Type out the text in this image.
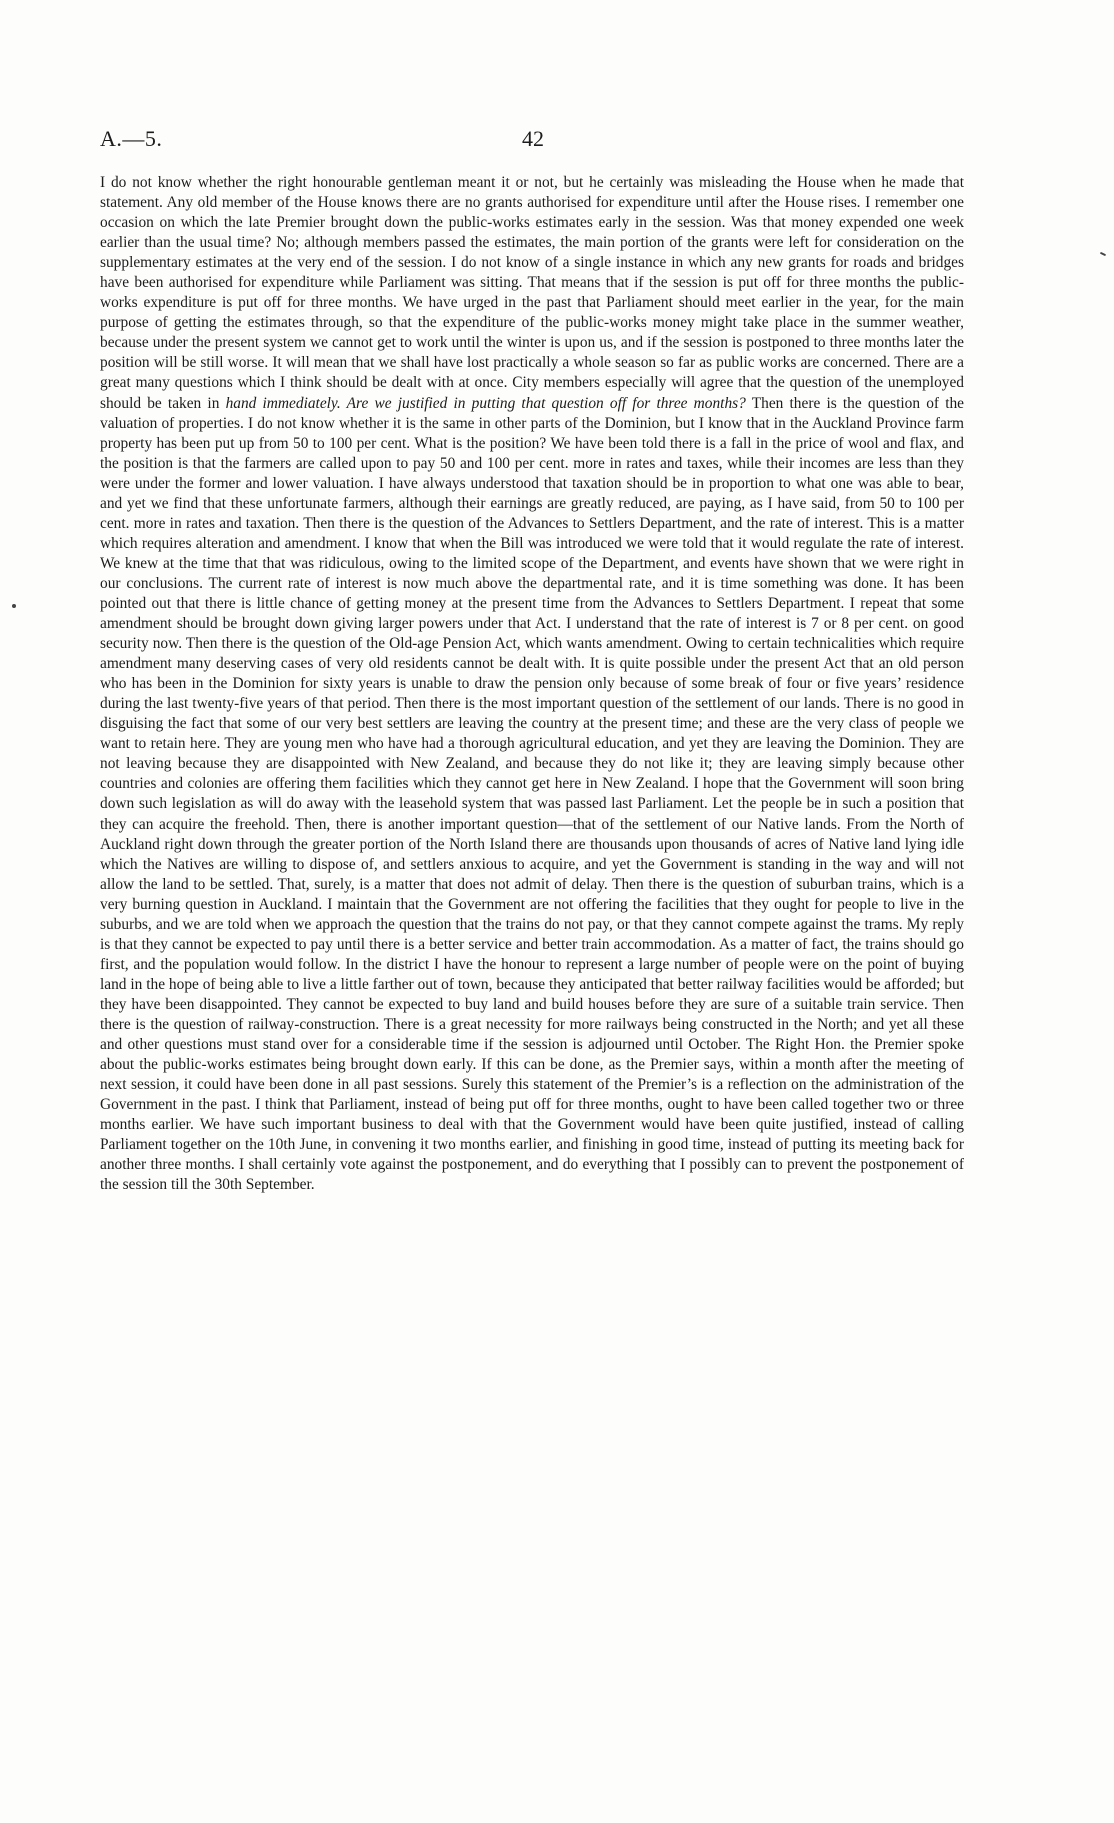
A.—5.	42

I do not know whether the right honourable gentleman meant it or not, but he certainly was misleading the House when he made that statement. Any old member of the House knows there are no grants authorised for expenditure until after the House rises. I remember one occasion on which the late Premier brought down the public-works estimates early in the session. Was that money expended one week earlier than the usual time? No; although members passed the estimates, the main portion of the grants were left for consideration on the supplementary estimates at the very end of the session. I do not know of a single instance in which any new grants for roads and bridges have been authorised for expenditure while Parliament was sitting. That means that if the session is put off for three months the public-works expenditure is put off for three months. We have urged in the past that Parliament should meet earlier in the year, for the main purpose of getting the estimates through, so that the expenditure of the public-works money might take place in the summer weather, because under the present system we cannot get to work until the winter is upon us, and if the session is postponed to three months later the position will be still worse. It will mean that we shall have lost practically a whole season so far as public works are concerned. There are a great many questions which I think should be dealt with at once. City members especially will agree that the question of the unemployed should be taken in hand immediately. Are we justified in putting that question off for three months? Then there is the question of the valuation of properties. I do not know whether it is the same in other parts of the Dominion, but I know that in the Auckland Province farm property has been put up from 50 to 100 per cent. What is the position? We have been told there is a fall in the price of wool and flax, and the position is that the farmers are called upon to pay 50 and 100 per cent. more in rates and taxes, while their incomes are less than they were under the former and lower valuation. I have always understood that taxation should be in proportion to what one was able to bear, and yet we find that these unfortunate farmers, although their earnings are greatly reduced, are paying, as I have said, from 50 to 100 per cent. more in rates and taxation. Then there is the question of the Advances to Settlers Department, and the rate of interest. This is a matter which requires alteration and amendment. I know that when the Bill was introduced we were told that it would regulate the rate of interest. We knew at the time that that was ridiculous, owing to the limited scope of the Department, and events have shown that we were right in our conclusions. The current rate of interest is now much above the departmental rate, and it is time something was done. It has been pointed out that there is little chance of getting money at the present time from the Advances to Settlers Department. I repeat that some amendment should be brought down giving larger powers under that Act. I understand that the rate of interest is 7 or 8 per cent. on good security now. Then there is the question of the Old-age Pension Act, which wants amendment. Owing to certain technicalities which require amendment many deserving cases of very old residents cannot be dealt with. It is quite possible under the present Act that an old person who has been in the Dominion for sixty years is unable to draw the pension only because of some break of four or five years’ residence during the last twenty-five years of that period. Then there is the most important question of the settlement of our lands. There is no good in disguising the fact that some of our very best settlers are leaving the country at the present time; and these are the very class of people we want to retain here. They are young men who have had a thorough agricultural education, and yet they are leaving the Dominion. They are not leaving because they are disappointed with New Zealand, and because they do not like it; they are leaving simply because other countries and colonies are offering them facilities which they cannot get here in New Zealand. I hope that the Government will soon bring down such legislation as will do away with the leasehold system that was passed last Parliament. Let the people be in such a position that they can acquire the freehold. Then, there is another important question—that of the settlement of our Native lands. From the North of Auckland right down through the greater portion of the North Island there are thousands upon thousands of acres of Native land lying idle which the Natives are willing to dispose of, and settlers anxious to acquire, and yet the Government is standing in the way and will not allow the land to be settled. That, surely, is a matter that does not admit of delay. Then there is the question of suburban trains, which is a very burning question in Auckland. I maintain that the Government are not offering the facilities that they ought for people to live in the suburbs, and we are told when we approach the question that the trains do not pay, or that they cannot compete against the trams. My reply is that they cannot be expected to pay until there is a better service and better train accommodation. As a matter of fact, the trains should go first, and the population would follow. In the district I have the honour to represent a large number of people were on the point of buying land in the hope of being able to live a little farther out of town, because they anticipated that better railway facilities would be afforded; but they have been disappointed. They cannot be expected to buy land and build houses before they are sure of a suitable train service. Then there is the question of railway-construction. There is a great necessity for more railways being constructed in the North; and yet all these and other questions must stand over for a considerable time if the session is adjourned until October. The Right Hon. the Premier spoke about the public-works estimates being brought down early. If this can be done, as the Premier says, within a month after the meeting of next session, it could have been done in all past sessions. Surely this statement of the Premier’s is a reflection on the administration of the Government in the past. I think that Parliament, instead of being put off for three months, ought to have been called together two or three months earlier. We have such important business to deal with that the Government would have been quite justified, instead of calling Parliament together on the 10th June, in convening it two months earlier, and finishing in good time, instead of putting its meeting back for another three months. I shall certainly vote against the postponement, and do everything that I possibly can to prevent the postponement of the session till the 30th September.
